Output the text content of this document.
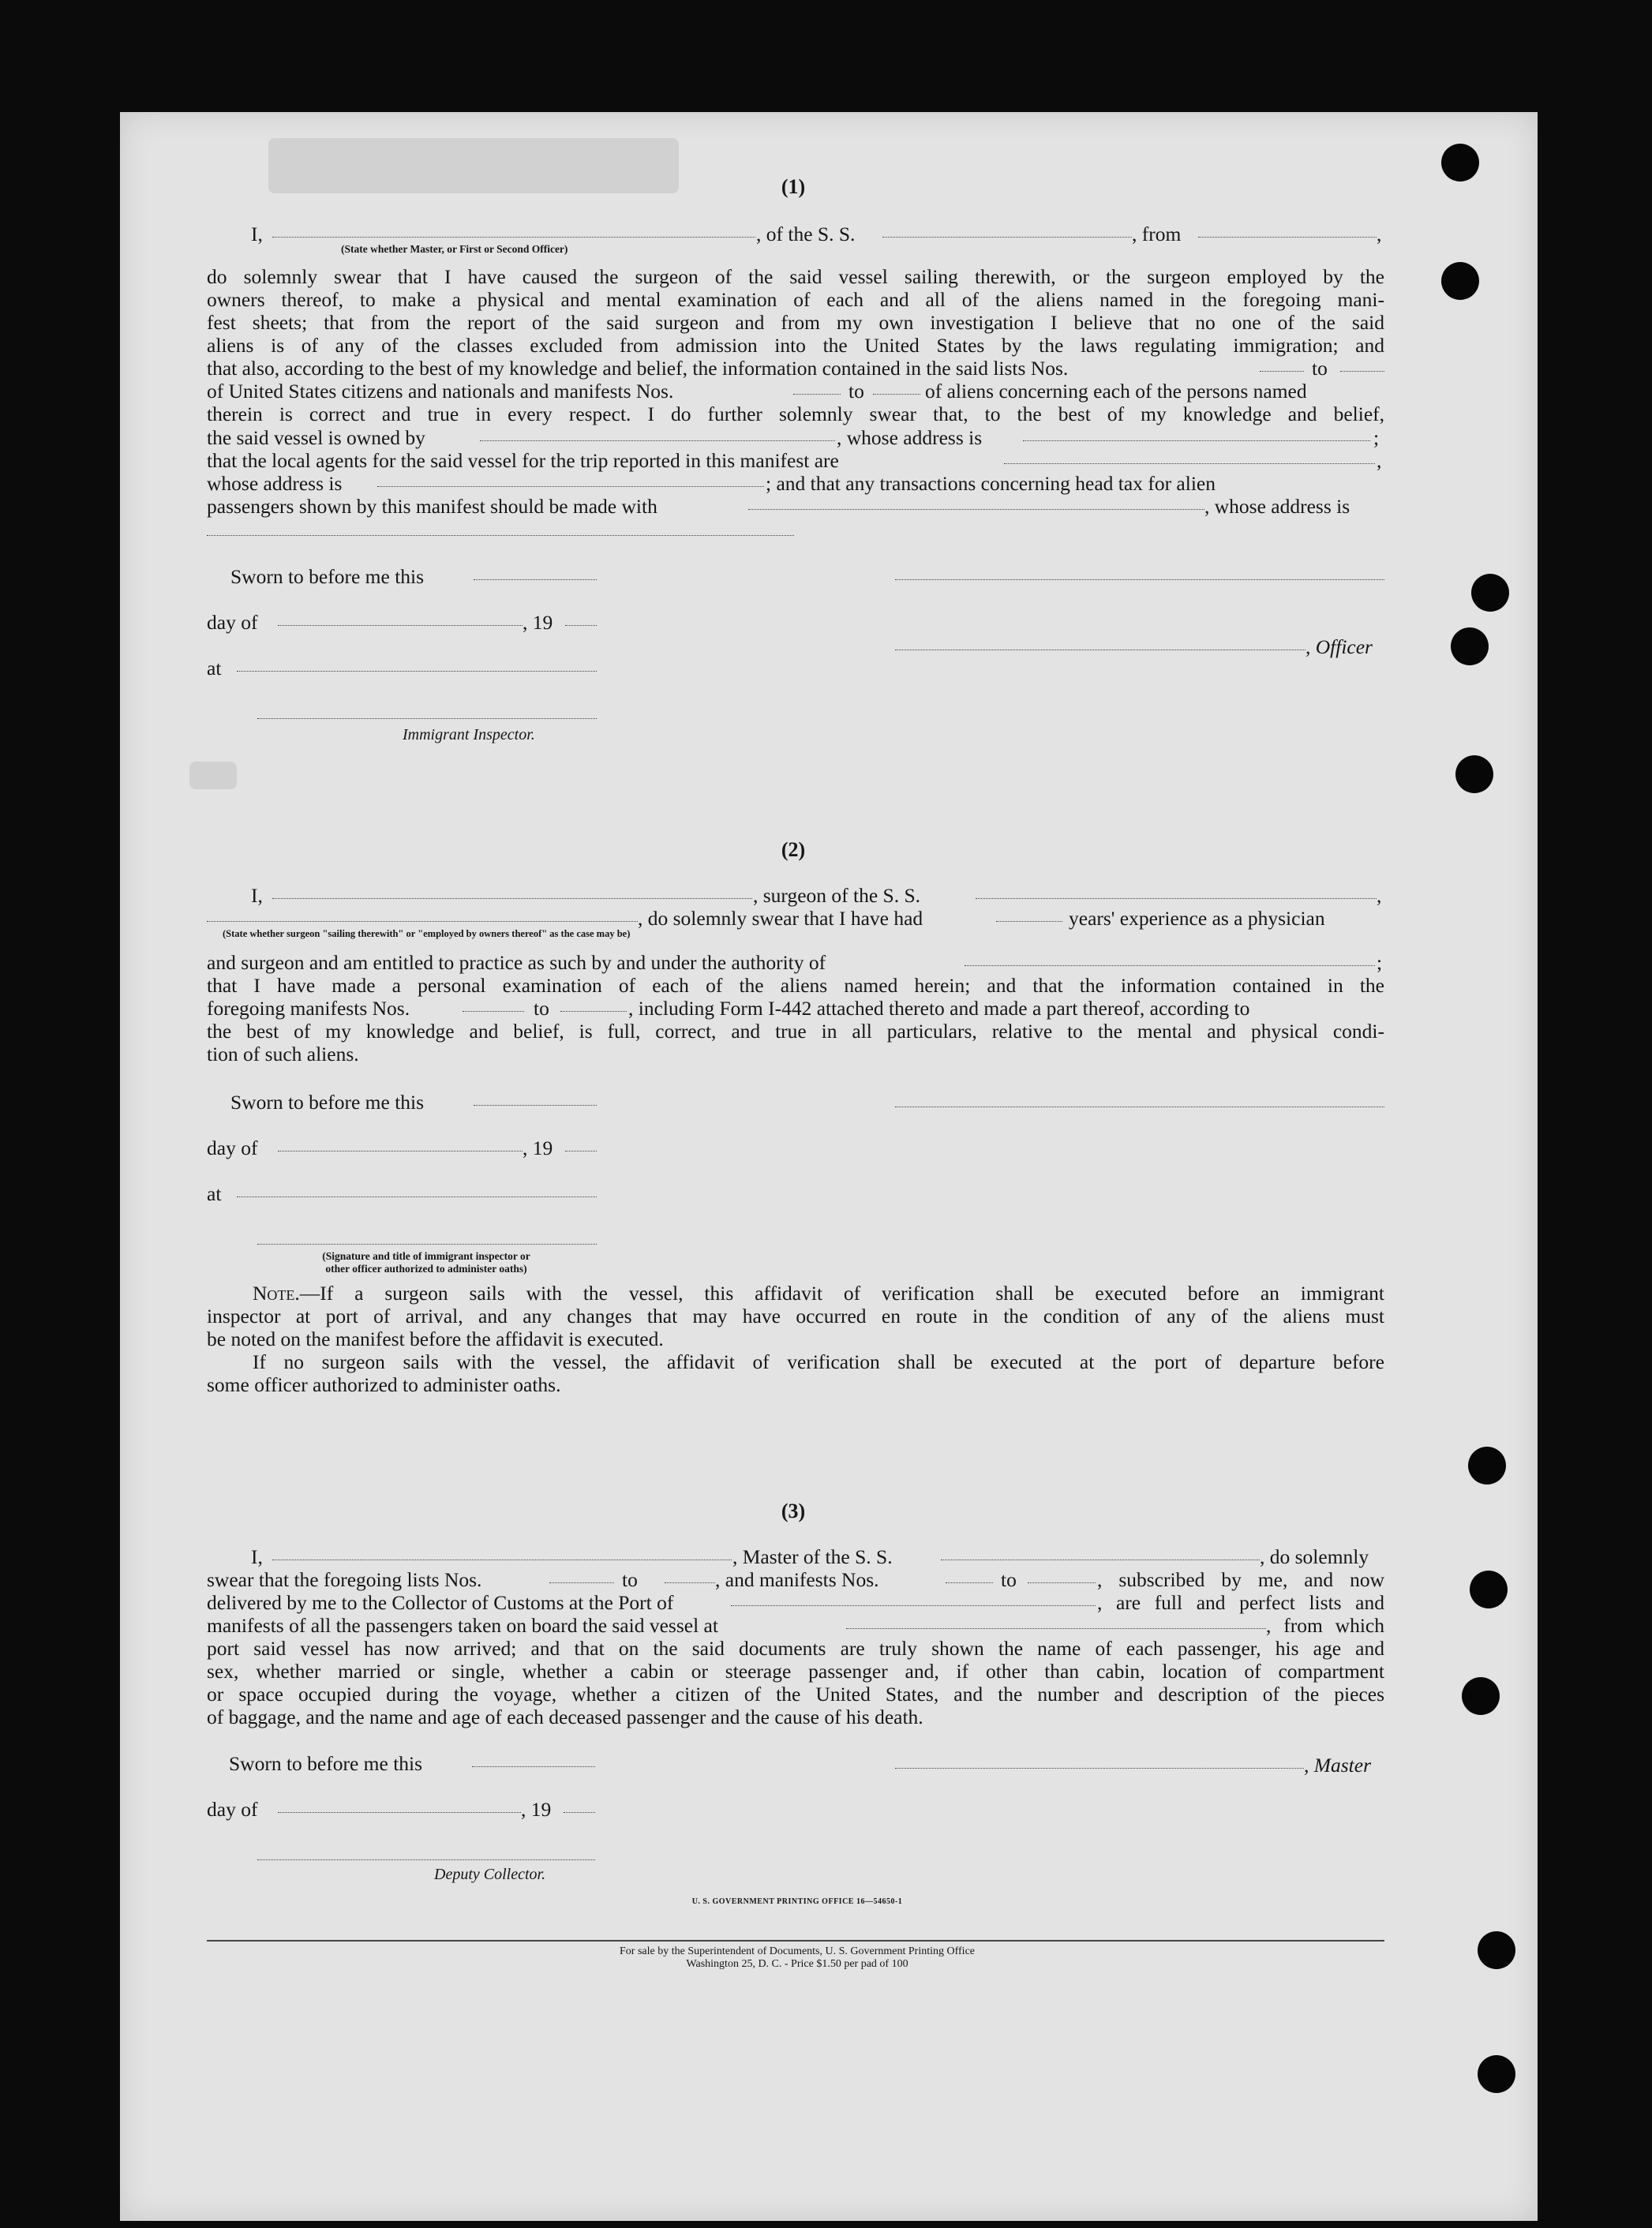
(1)
I,	, of the S. S.	, from	,
(State whether Master, or First or Second Officer)
do solemnly swear that I have caused the surgeon of the said vessel sailing therewith, or the surgeon employed by the
owners thereof, to make a physical and mental examination of each and all of the aliens named in the foregoing mani-
fest sheets; that from the report of the said surgeon and from my own investigation I believe that no one of the said
aliens is of any of the classes excluded from admission into the United States by the laws regulating immigration; and
that also, according to the best of my knowledge and belief, the information contained in the said lists Nos.	to
of United States citizens and nationals and manifests Nos.	to	of aliens concerning each of the persons named
therein is correct and true in every respect. I do further solemnly swear that, to the best of my knowledge and belief,
the said vessel is owned by	, whose address is	;
that the local agents for the said vessel for the trip reported in this manifest are	,
whose address is	; and that any transactions concerning head tax for alien
passengers shown by this manifest should be made with	, whose address is
Sworn to before me this
day of	, 19
, Officer
at
Immigrant Inspector.
(2)
I,	, surgeon of the S. S.	,
, do solemnly swear that I have had	years' experience as a physician
(State whether surgeon "sailing therewith" or "employed by owners thereof" as the case may be)
and surgeon and am entitled to practice as such by and under the authority of	;
that I have made a personal examination of each of the aliens named herein; and that the information contained in the
foregoing manifests Nos.	to	, including Form I-442 attached thereto and made a part thereof, according to
the best of my knowledge and belief, is full, correct, and true in all particulars, relative to the mental and physical condi-
tion of such aliens.
Sworn to before me this
day of	, 19
at
(Signature and title of immigrant inspector or
other officer authorized to administer oaths)
Note.—If a surgeon sails with the vessel, this affidavit of verification shall be executed before an immigrant
inspector at port of arrival, and any changes that may have occurred en route in the condition of any of the aliens must
be noted on the manifest before the affidavit is executed.
If no surgeon sails with the vessel, the affidavit of verification shall be executed at the port of departure before
some officer authorized to administer oaths.
(3)
I,	, Master of the S. S.	, do solemnly
swear that the foregoing lists Nos.	to	, and manifests Nos.	to	, subscribed by me, and now
delivered by me to the Collector of Customs at the Port of	, are full and perfect lists and
manifests of all the passengers taken on board the said vessel at	, from which
port said vessel has now arrived; and that on the said documents are truly shown the name of each passenger, his age and
sex, whether married or single, whether a cabin or steerage passenger and, if other than cabin, location of compartment
or space occupied during the voyage, whether a citizen of the United States, and the number and description of the pieces
of baggage, and the name and age of each deceased passenger and the cause of his death.
Sworn to before me this	, Master
day of	, 19
Deputy Collector.
U. S. GOVERNMENT PRINTING OFFICE 16—54650-1
For sale by the Superintendent of Documents, U. S. Government Printing Office
Washington 25, D. C. - Price $1.50 per pad of 100
